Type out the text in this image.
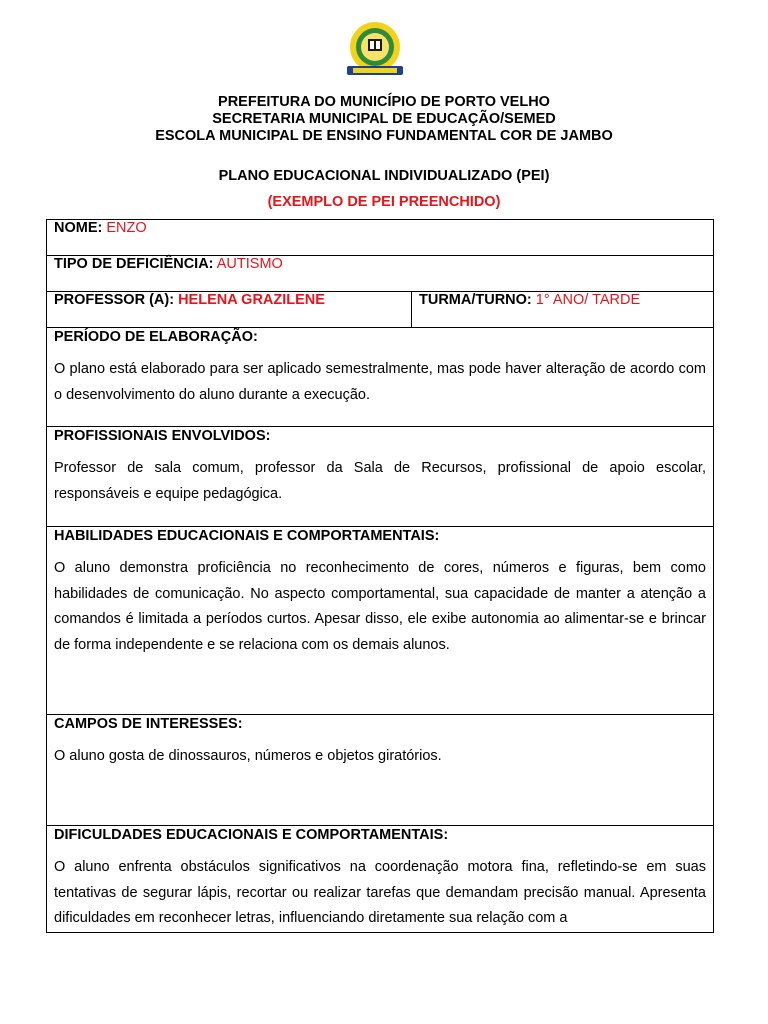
PREFEITURA DO MUNICÍPIO DE PORTO VELHO
SECRETARIA MUNICIPAL DE EDUCAÇÃO/SEMED
ESCOLA MUNICIPAL DE ENSINO FUNDAMENTAL COR DE JAMBO
PLANO EDUCACIONAL INDIVIDUALIZADO (PEI)
(EXEMPLO DE PEI PREENCHIDO)
NOME: ENZO
TIPO DE DEFICIÊNCIA: AUTISMO
PROFESSOR (A): HELENA GRAZILENE	TURMA/TURNO: 1° ANO/ TARDE

PERÍODO DE ELABORAÇÃO:
O plano está elaborado para ser aplicado semestralmente, mas pode haver alteração de acordo com o desenvolvimento do aluno durante a execução.

PROFISSIONAIS ENVOLVIDOS:
Professor de sala comum, professor da Sala de Recursos, profissional de apoio escolar, responsáveis e equipe pedagógica.

HABILIDADES EDUCACIONAIS E COMPORTAMENTAIS:
O aluno demonstra proficiência no reconhecimento de cores, números e figuras, bem como habilidades de comunicação. No aspecto comportamental, sua capacidade de manter a atenção a comandos é limitada a períodos curtos. Apesar disso, ele exibe autonomia ao alimentar-se e brincar de forma independente e se relaciona com os demais alunos.

CAMPOS DE INTERESSES:
O aluno gosta de dinossauros, números e objetos giratórios.

DIFICULDADES EDUCACIONAIS E COMPORTAMENTAIS:
O aluno enfrenta obstáculos significativos na coordenação motora fina, refletindo-se em suas tentativas de segurar lápis, recortar ou realizar tarefas que demandam precisão manual. Apresenta dificuldades em reconhecer letras, influenciando diretamente sua relação com a
